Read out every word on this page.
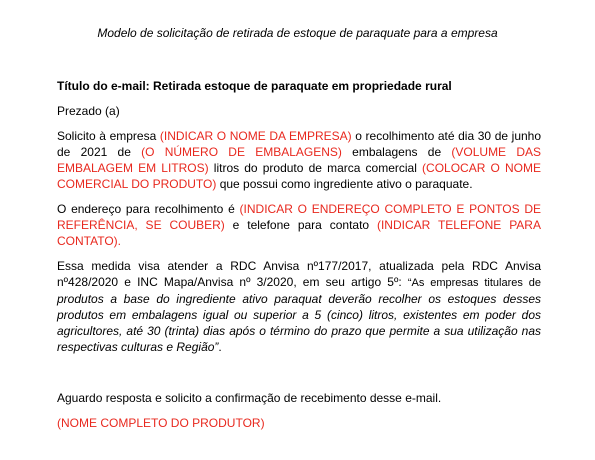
Modelo de solicitação de retirada de estoque de paraquate para a empresa

Título do e-mail: Retirada estoque de paraquate em propriedade rural

Prezado (a)

Solicito à empresa (INDICAR O NOME DA EMPRESA) o recolhimento até dia 30 de junho de 2021 de (O NÚMERO DE EMBALAGENS) embalagens de (VOLUME DAS EMBALAGEM EM LITROS) litros do produto de marca comercial (COLOCAR O NOME COMERCIAL DO PRODUTO) que possui como ingrediente ativo o paraquate.

O endereço para recolhimento é (INDICAR O ENDEREÇO COMPLETO E PONTOS DE REFERÊNCIA, SE COUBER) e telefone para contato (INDICAR TELEFONE PARA CONTATO).

Essa medida visa atender a RDC Anvisa nº177/2017, atualizada pela RDC Anvisa nº428/2020 e INC Mapa/Anvisa nº 3/2020, em seu artigo 5º: “As empresas titulares de produtos a base do ingrediente ativo paraquat deverão recolher os estoques desses produtos em embalagens igual ou superior a 5 (cinco) litros, existentes em poder dos agricultores, até 30 (trinta) dias após o término do prazo que permite a sua utilização nas respectivas culturas e Região”.

Aguardo resposta e solicito a confirmação de recebimento desse e-mail.

(NOME COMPLETO DO PRODUTOR)
